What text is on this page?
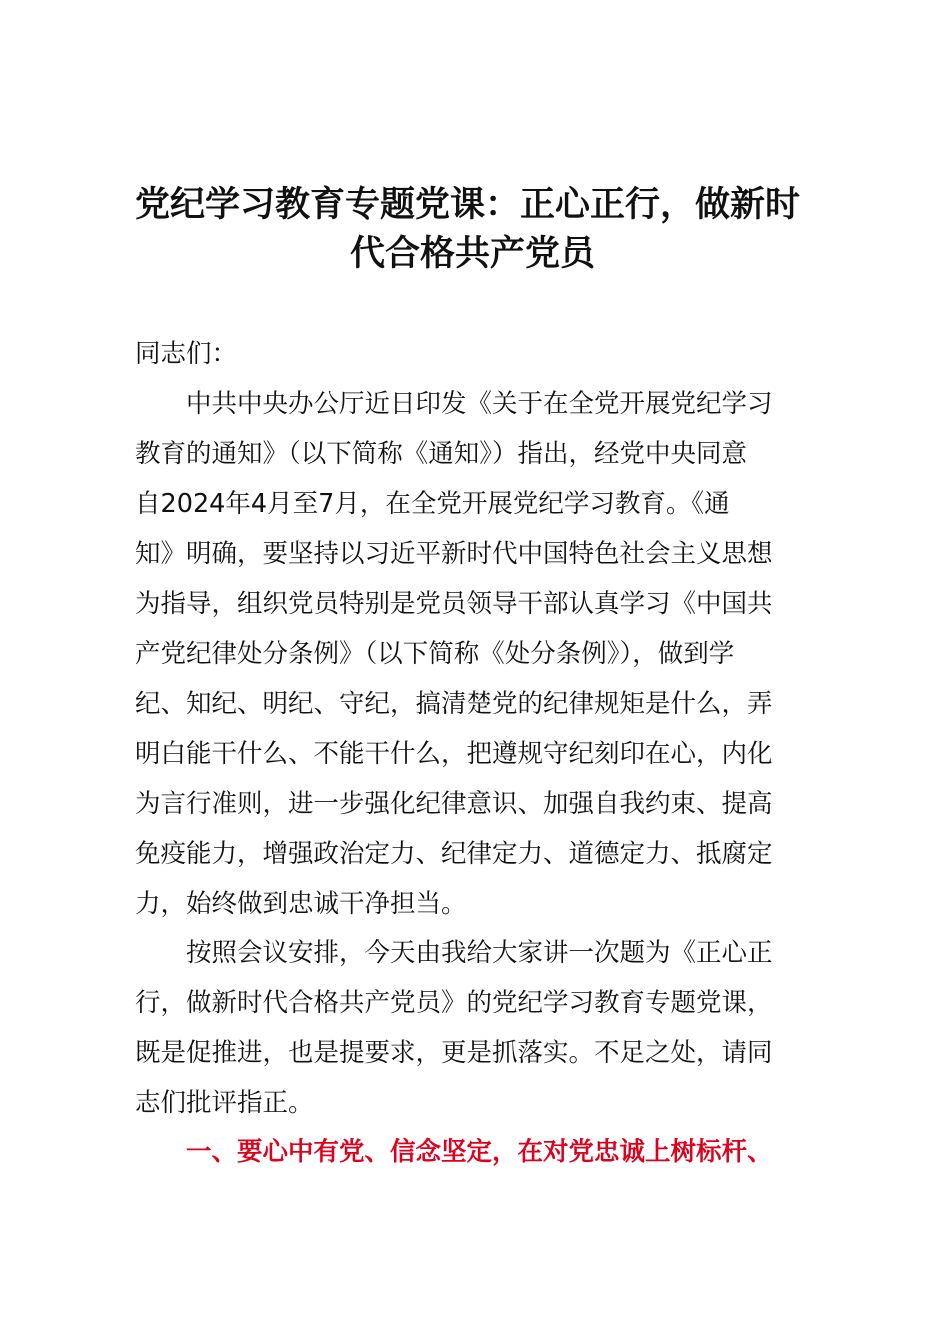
党纪学习教育专题党课：正心正行，做新时
代合格共产党员
同志们：
中共中央办公厅近日印发《关于在全党开展党纪学习
教育的通知》（以下简称《通知》）指出，经党中央同意
自2024年4月至7月，在全党开展党纪学习教育。《通
知》明确，要坚持以习近平新时代中国特色社会主义思想
为指导，组织党员特别是党员领导干部认真学习《中国共
产党纪律处分条例》（以下简称《处分条例》），做到学
纪、知纪、明纪、守纪，搞清楚党的纪律规矩是什么，弄
明白能干什么、不能干什么，把遵规守纪刻印在心，内化
为言行准则，进一步强化纪律意识、加强自我约束、提高
免疫能力，增强政治定力、纪律定力、道德定力、抵腐定
力，始终做到忠诚干净担当。
按照会议安排，今天由我给大家讲一次题为《正心正
行，做新时代合格共产党员》的党纪学习教育专题党课，
既是促推进，也是提要求，更是抓落实。不足之处，请同
志们批评指正。
一、要心中有党、信念坚定，在对党忠诚上树标杆、
